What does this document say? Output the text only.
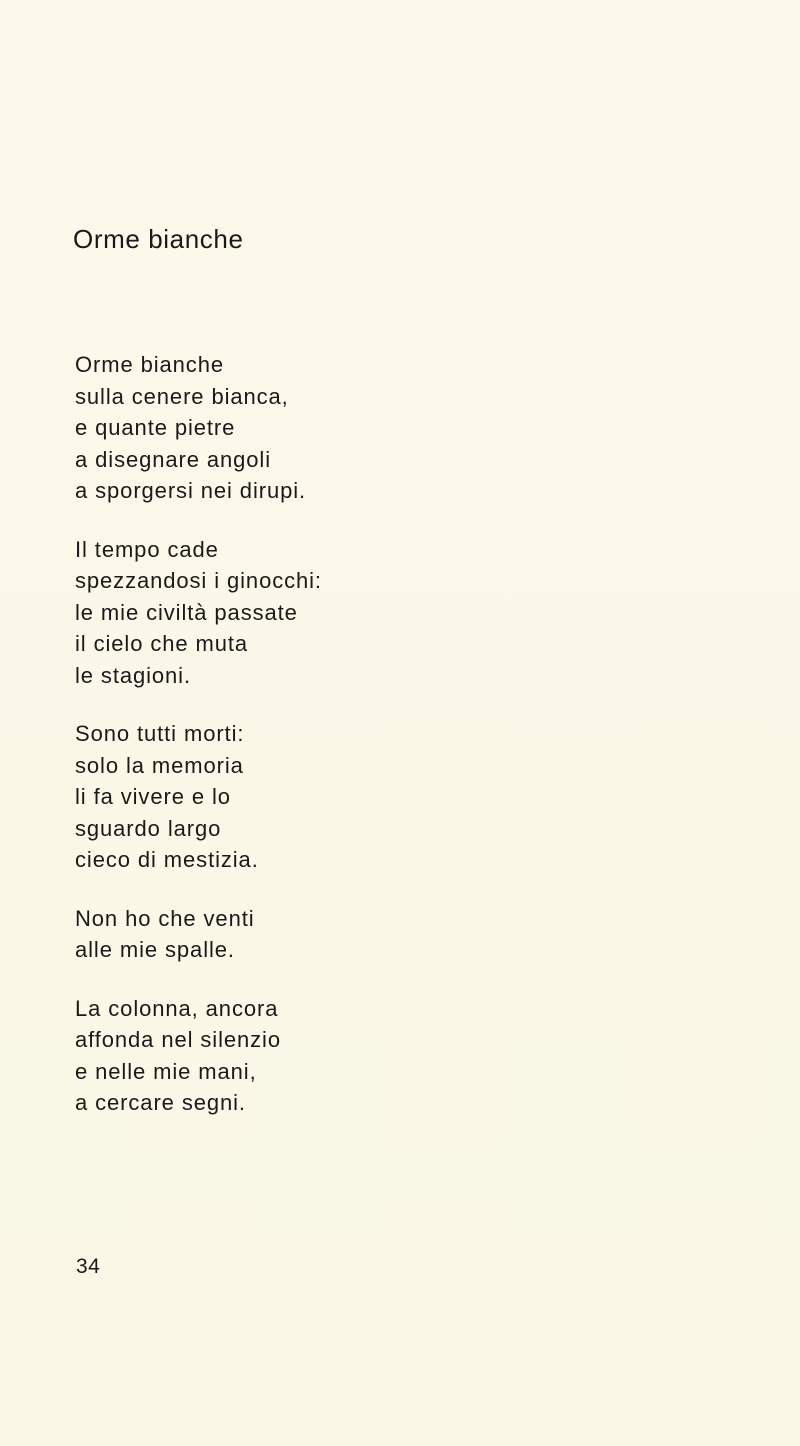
Orme bianche
Orme bianche
sulla cenere bianca,
e quante pietre
a disegnare angoli
a sporgersi nei dirupi.
Il tempo cade
spezzandosi i ginocchi:
le mie civiltà passate
il cielo che muta
le stagioni.
Sono tutti morti:
solo la memoria
li fa vivere e lo
sguardo largo
cieco di mestizia.
Non ho che venti
alle mie spalle.
La colonna, ancora
affonda nel silenzio
e nelle mie mani,
a cercare segni.
34
